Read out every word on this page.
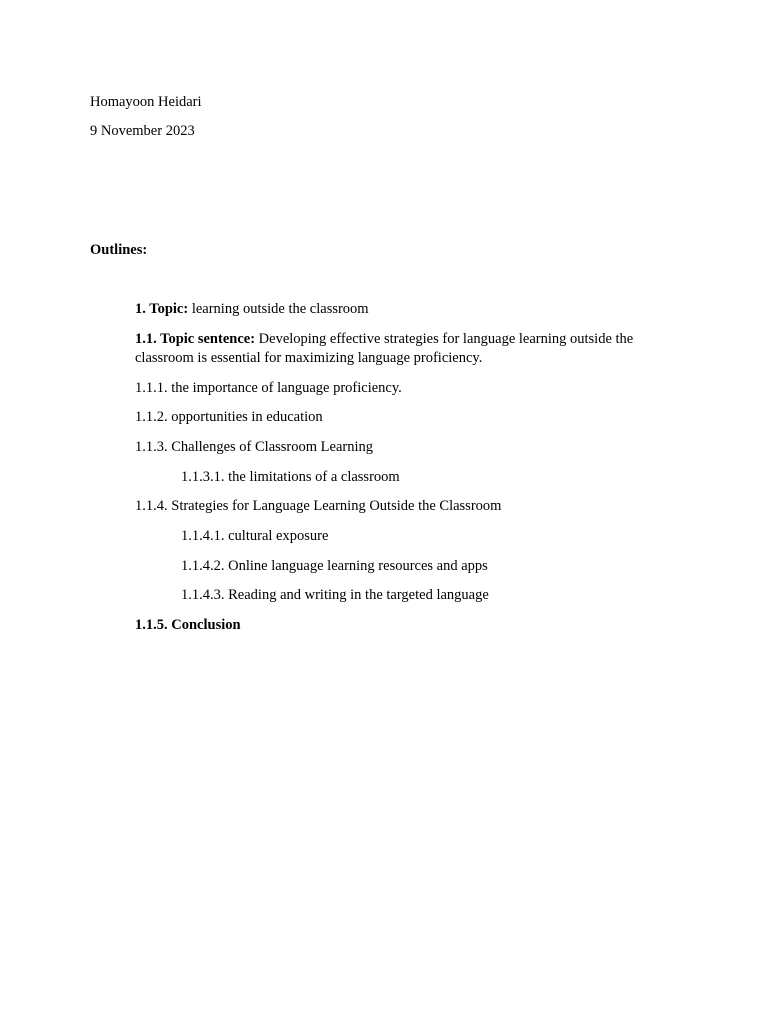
Homayoon Heidari
9 November 2023
Outlines:
1. Topic: learning outside the classroom
1.1. Topic sentence: Developing effective strategies for language learning outside the classroom is essential for maximizing language proficiency.
1.1.1. the importance of language proficiency.
1.1.2. opportunities in education
1.1.3. Challenges of Classroom Learning
1.1.3.1. the limitations of a classroom
1.1.4. Strategies for Language Learning Outside the Classroom
1.1.4.1. cultural exposure
1.1.4.2. Online language learning resources and apps
1.1.4.3. Reading and writing in the targeted language
1.1.5. Conclusion
